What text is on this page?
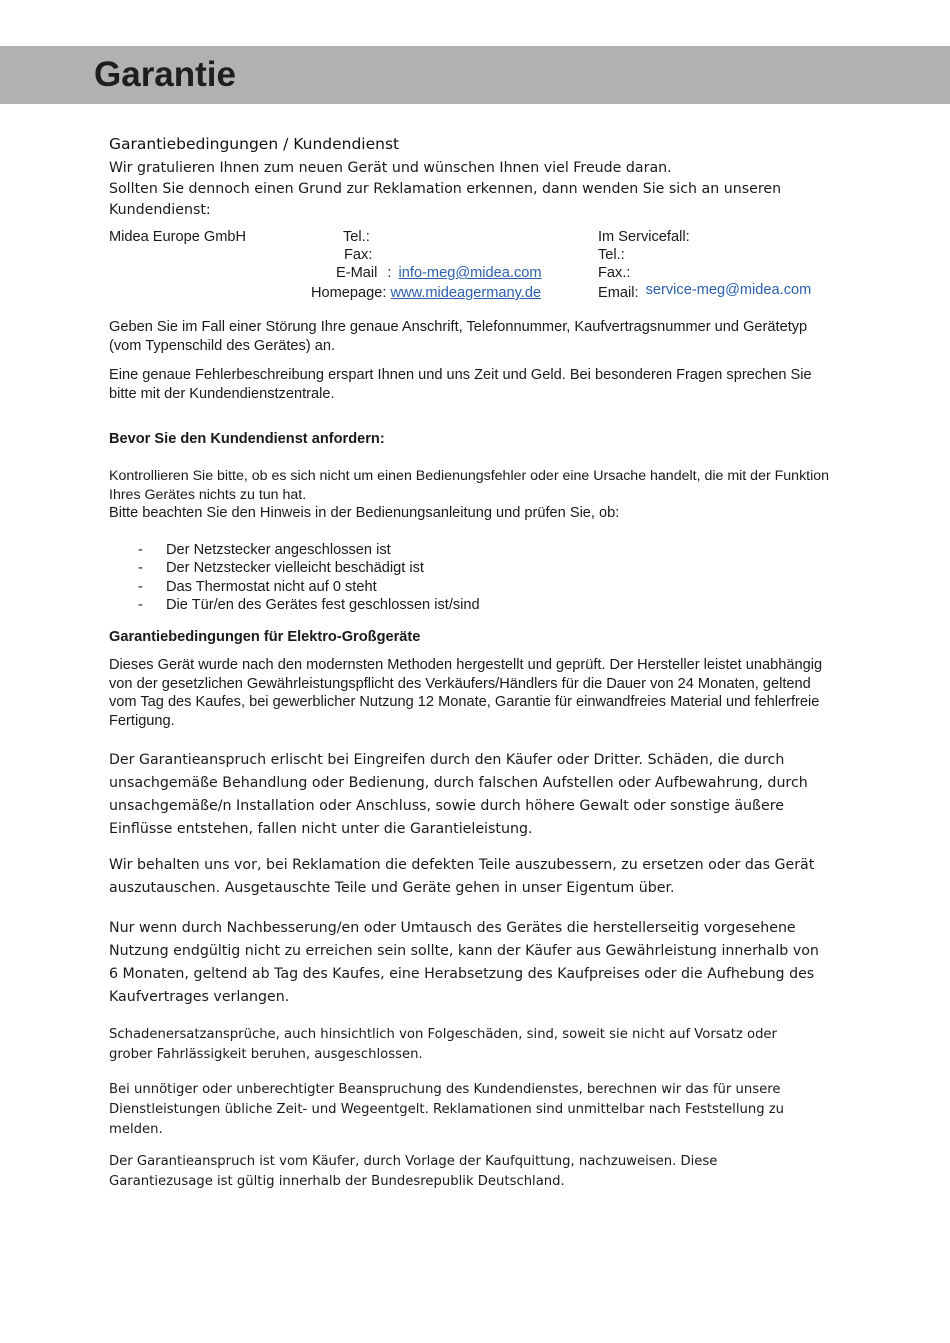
Garantie
Garantiebedingungen / Kundendienst
Wir gratulieren Ihnen zum neuen Gerät und wünschen Ihnen viel Freude daran.
Sollten Sie dennoch einen Grund zur Reklamation erkennen, dann wenden Sie sich an unseren
Kundendienst:
Midea Europe GmbH	Tel.:
Fax:
E-Mail : info-meg@midea.com
Homepage: www.mideagermany.de
Im Servicefall:
Tel.:
Fax.:
Email: service-meg@midea.com

Geben Sie im Fall einer Störung Ihre genaue Anschrift, Telefonnummer, Kaufvertragsnummer und Gerätetyp (vom Typenschild des Gerätes) an.

Eine genaue Fehlerbeschreibung erspart Ihnen und uns Zeit und Geld. Bei besonderen Fragen sprechen Sie bitte mit der Kundendienstzentrale.

Bevor Sie den Kundendienst anfordern:

Kontrollieren Sie bitte, ob es sich nicht um einen Bedienungsfehler oder eine Ursache handelt, die mit der Funktion Ihres Gerätes nichts zu tun hat.

Bitte beachten Sie den Hinweis in der Bedienungsanleitung und prüfen Sie, ob:

- Der Netzstecker angeschlossen ist
- Der Netzstecker vielleicht beschädigt ist
- Das Thermostat nicht auf 0 steht
- Die Tür/en des Gerätes fest geschlossen ist/sind
Garantiebedingungen für Elektro-Großgeräte

Dieses Gerät wurde nach den modernsten Methoden hergestellt und geprüft. Der Hersteller leistet unabhängig von der gesetzlichen Gewährleistungspflicht des Verkäufers/Händlers für die Dauer von 24 Monaten, geltend vom Tag des Kaufes, bei gewerblicher Nutzung 12 Monate, Garantie für einwandfreies Material und fehlerfreie Fertigung.

Der Garantieanspruch erlischt bei Eingreifen durch den Käufer oder Dritter. Schäden, die durch unsachgemäße Behandlung oder Bedienung, durch falschen Aufstellen oder Aufbewahrung, durch unsachgemäße/n Installation oder Anschluss, sowie durch höhere Gewalt oder sonstige äußere Einflüsse entstehen, fallen nicht unter die Garantieleistung.

Wir behalten uns vor, bei Reklamation die defekten Teile auszubessern, zu ersetzen oder das Gerät auszutauschen. Ausgetauschte Teile und Geräte gehen in unser Eigentum über.

Nur wenn durch Nachbesserung/en oder Umtausch des Gerätes die herstellerseitig vorgesehene Nutzung endgültig nicht zu erreichen sein sollte, kann der Käufer aus Gewährleistung innerhalb von 6 Monaten, geltend ab Tag des Kaufes, eine Herabsetzung des Kaufpreises oder die Aufhebung des Kaufvertrages verlangen.

Schadenersatzansprüche, auch hinsichtlich von Folgeschäden, sind, soweit sie nicht auf Vorsatz oder grober Fahrlässigkeit beruhen, ausgeschlossen.

Bei unnötiger oder unberechtigter Beanspruchung des Kundendienstes, berechnen wir das für unsere Dienstleistungen übliche Zeit- und Wegeentgelt. Reklamationen sind unmittelbar nach Feststellung zu melden.

Der Garantieanspruch ist vom Käufer, durch Vorlage der Kaufquittung, nachzuweisen. Diese Garantiezusage ist gültig innerhalb der Bundesrepublik Deutschland.
